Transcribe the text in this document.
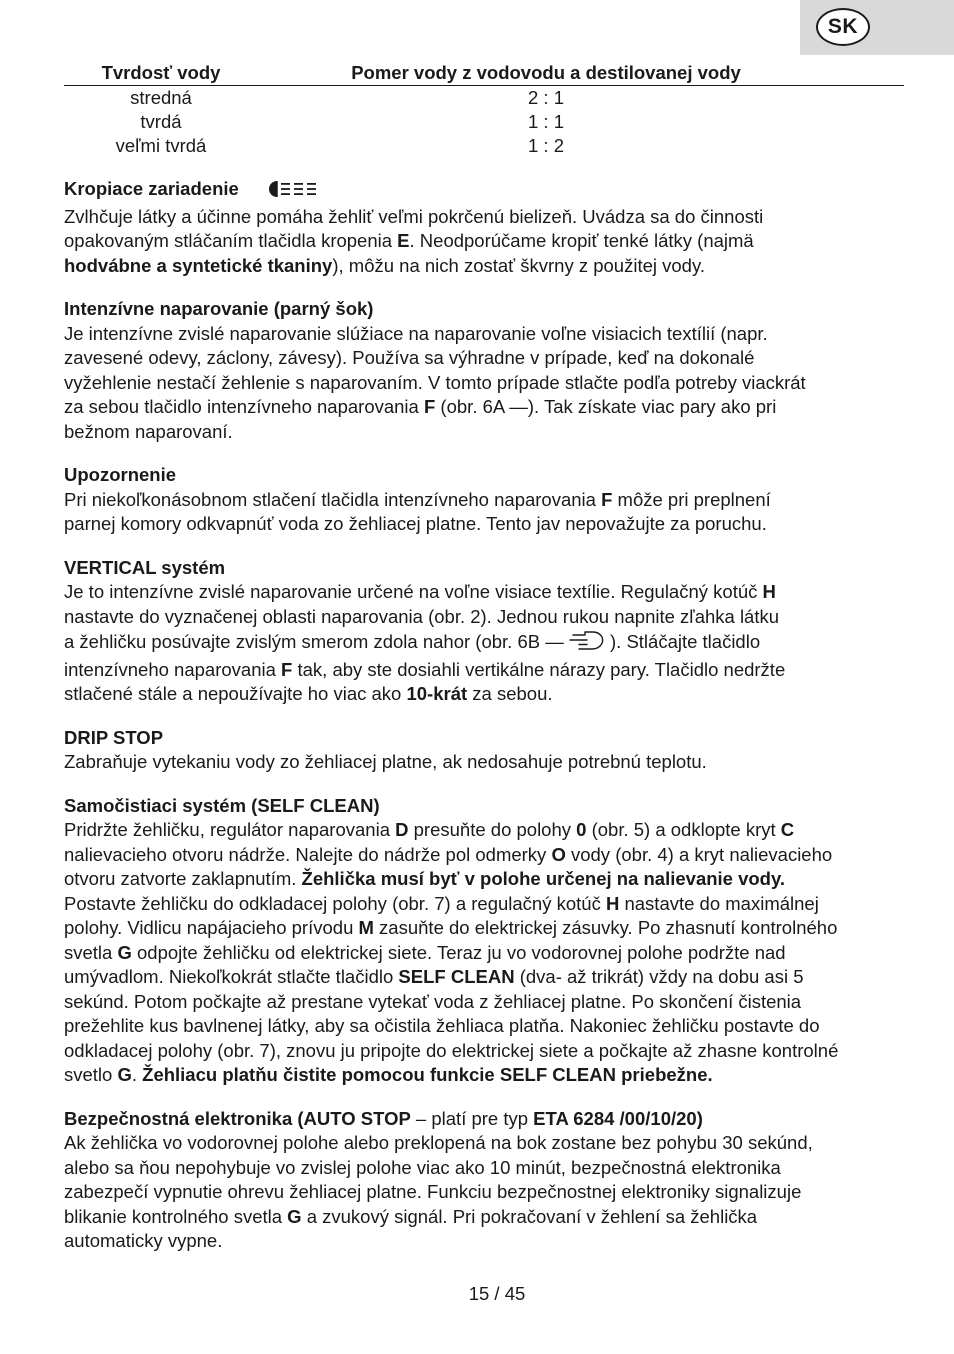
SK
Tvrdosť vody	Pomer vody z vodovodu a destilovanej vody
stredná	2 : 1
tvrdá	1 : 1
veľmi tvrdá	1 : 2
Kropiace zariadenie

Zvlhčuje látky a účinne pomáha žehliť veľmi pokrčenú bielizeň. Uvádza sa do činnosti
opakovaným stláčaním tlačidla kropenia E. Neodporúčame kropiť tenké látky (najmä
hodvábne a syntetické tkaniny), môžu na nich zostať škvrny z použitej vody.

Intenzívne naparovanie (parný šok)

Je intenzívne zvislé naparovanie slúžiace na naparovanie voľne visiacich textílií (napr.
zavesené odevy, záclony, závesy). Používa sa výhradne v prípade, keď na dokonalé
vyžehlenie nestačí žehlenie s naparovaním. V tomto prípade stlačte podľa potreby viackrát
za sebou tlačidlo intenzívneho naparovania F (obr. 6A —). Tak získate viac pary ako pri
bežnom naparovaní.

Upozornenie

Pri niekoľkonásobnom stlačení tlačidla intenzívneho naparovania F môže pri preplnení
parnej komory odkvapnúť voda zo žehliacej platne. Tento jav nepovažujte za poruchu.

VERTICAL systém

Je to intenzívne zvislé naparovanie určené na voľne visiace textílie. Regulačný kotúč H
nastavte do vyznačenej oblasti naparovania (obr. 2). Jednou rukou napnite zľahka látku
a žehličku posúvajte zvislým smerom zdola nahor (obr. 6B —  ). Stláčajte tlačidlo
intenzívneho naparovania F tak, aby ste dosiahli vertikálne nárazy pary. Tlačidlo nedržte
stlačené stále a nepoužívajte ho viac ako 10-krát za sebou.

DRIP STOP

Zabraňuje vytekaniu vody zo žehliacej platne, ak nedosahuje potrebnú teplotu.

Samočistiaci systém (SELF CLEAN)

Pridržte žehličku, regulátor naparovania D presuňte do polohy 0 (obr. 5) a odklopte kryt C
nalievacieho otvoru nádrže. Nalejte do nádrže pol odmerky O vody (obr. 4) a kryt nalievacieho
otvoru zatvorte zaklapnutím. Žehlička musí byť v polohe určenej na nalievanie vody.
Postavte žehličku do odkladacej polohy (obr. 7) a regulačný kotúč H nastavte do maximálnej
polohy. Vidlicu napájacieho prívodu M zasuňte do elektrickej zásuvky. Po zhasnutí kontrolného
svetla G odpojte žehličku od elektrickej siete. Teraz ju vo vodorovnej polohe podržte nad
umývadlom. Niekoľkokrát stlačte tlačidlo SELF CLEAN (dva- až trikrát) vždy na dobu asi 5
sekúnd. Potom počkajte až prestane vytekať voda z žehliacej platne. Po skončení čistenia
prežehlite kus bavlnenej látky, aby sa očistila žehliaca platňa. Nakoniec žehličku postavte do
odkladacej polohy (obr. 7), znovu ju pripojte do elektrickej siete a počkajte až zhasne kontrolné
svetlo G. Žehliacu platňu čistite pomocou funkcie SELF CLEAN priebežne.

Bezpečnostná elektronika (AUTO STOP – platí pre typ ETA 6284 /00/10/20)

Ak žehlička vo vodorovnej polohe alebo preklopená na bok zostane bez pohybu 30 sekúnd,
alebo sa ňou nepohybuje vo zvislej polohe viac ako 10 minút, bezpečnostná elektronika
zabezpečí vypnutie ohrevu žehliacej platne. Funkciu bezpečnostnej elektroniky signalizuje
blikanie kontrolného svetla G a zvukový signál. Pri pokračovaní v žehlení sa žehlička
automaticky vypne.

15 / 45
